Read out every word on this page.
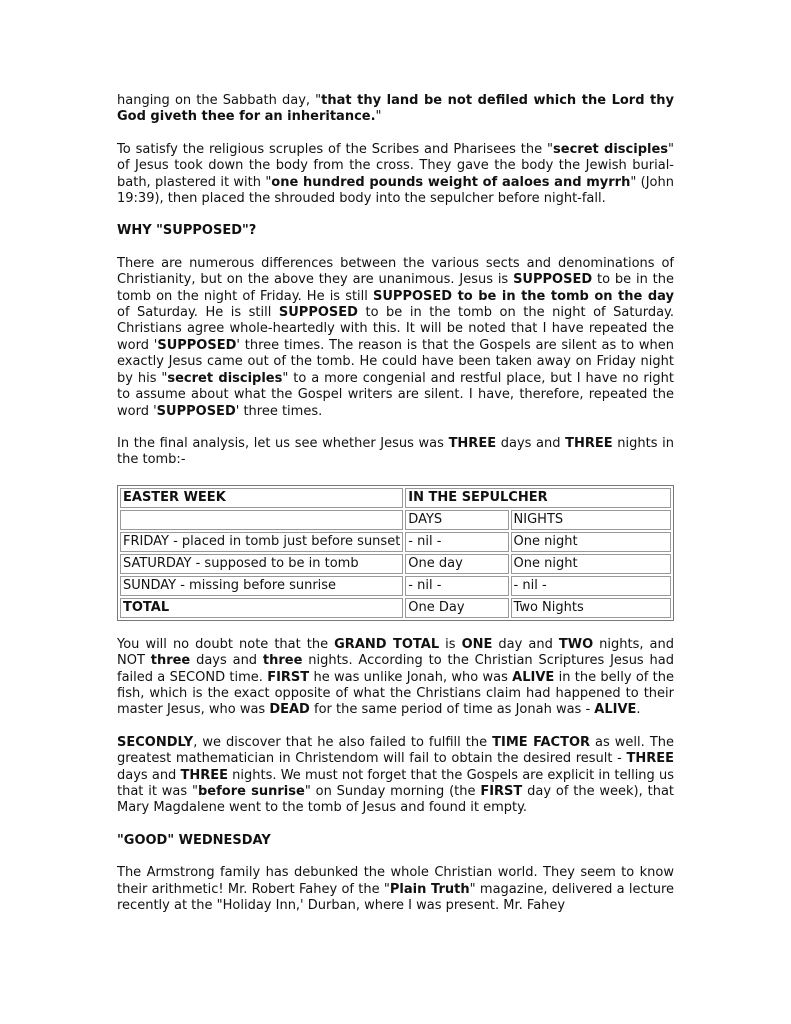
hanging on the Sabbath day, "that thy land be not defiled which the Lord thy God giveth thee for an inheritance."

To satisfy the religious scruples of the Scribes and Pharisees the "secret disciples" of Jesus took down the body from the cross. They gave the body the Jewish burial-bath, plastered it with "one hundred pounds weight of aaloes and myrrh" (John 19:39), then placed the shrouded body into the sepulcher before night-fall.

WHY "SUPPOSED"?

There are numerous differences between the various sects and denominations of Christianity, but on the above they are unanimous. Jesus is SUPPOSED to be in the tomb on the night of Friday. He is still SUPPOSED to be in the tomb on the day of Saturday. He is still SUPPOSED to be in the tomb on the night of Saturday. Christians agree whole-heartedly with this. It will be noted that I have repeated the word 'SUPPOSED' three times. The reason is that the Gospels are silent as to when exactly Jesus came out of the tomb. He could have been taken away on Friday night by his "secret disciples" to a more congenial and restful place, but I have no right to assume about what the Gospel writers are silent. I have, therefore, repeated the word 'SUPPOSED' three times.

In the final analysis, let us see whether Jesus was THREE days and THREE nights in the tomb:-

EASTER WEEK	IN THE SEPULCHER	
	DAYS	NIGHTS
FRIDAY - placed in tomb just before sunset	- nil -	One night
SATURDAY - supposed to be in tomb	One day	One night
SUNDAY - missing before sunrise	- nil -	- nil -
TOTAL	One Day	Two Nights

You will no doubt note that the GRAND TOTAL is ONE day and TWO nights, and NOT three days and three nights. According to the Christian Scriptures Jesus had failed a SECOND time. FIRST he was unlike Jonah, who was ALIVE in the belly of the fish, which is the exact opposite of what the Christians claim had happened to their master Jesus, who was DEAD for the same period of time as Jonah was - ALIVE.

SECONDLY, we discover that he also failed to fulfill the TIME FACTOR as well. The greatest mathematician in Christendom will fail to obtain the desired result - THREE days and THREE nights. We must not forget that the Gospels are explicit in telling us that it was "before sunrise" on Sunday morning (the FIRST day of the week), that Mary Magdalene went to the tomb of Jesus and found it empty.

"GOOD" WEDNESDAY

The Armstrong family has debunked the whole Christian world. They seem to know their arithmetic! Mr. Robert Fahey of the "Plain Truth" magazine, delivered a lecture recently at the "Holiday Inn,' Durban, where I was present. Mr. Fahey
